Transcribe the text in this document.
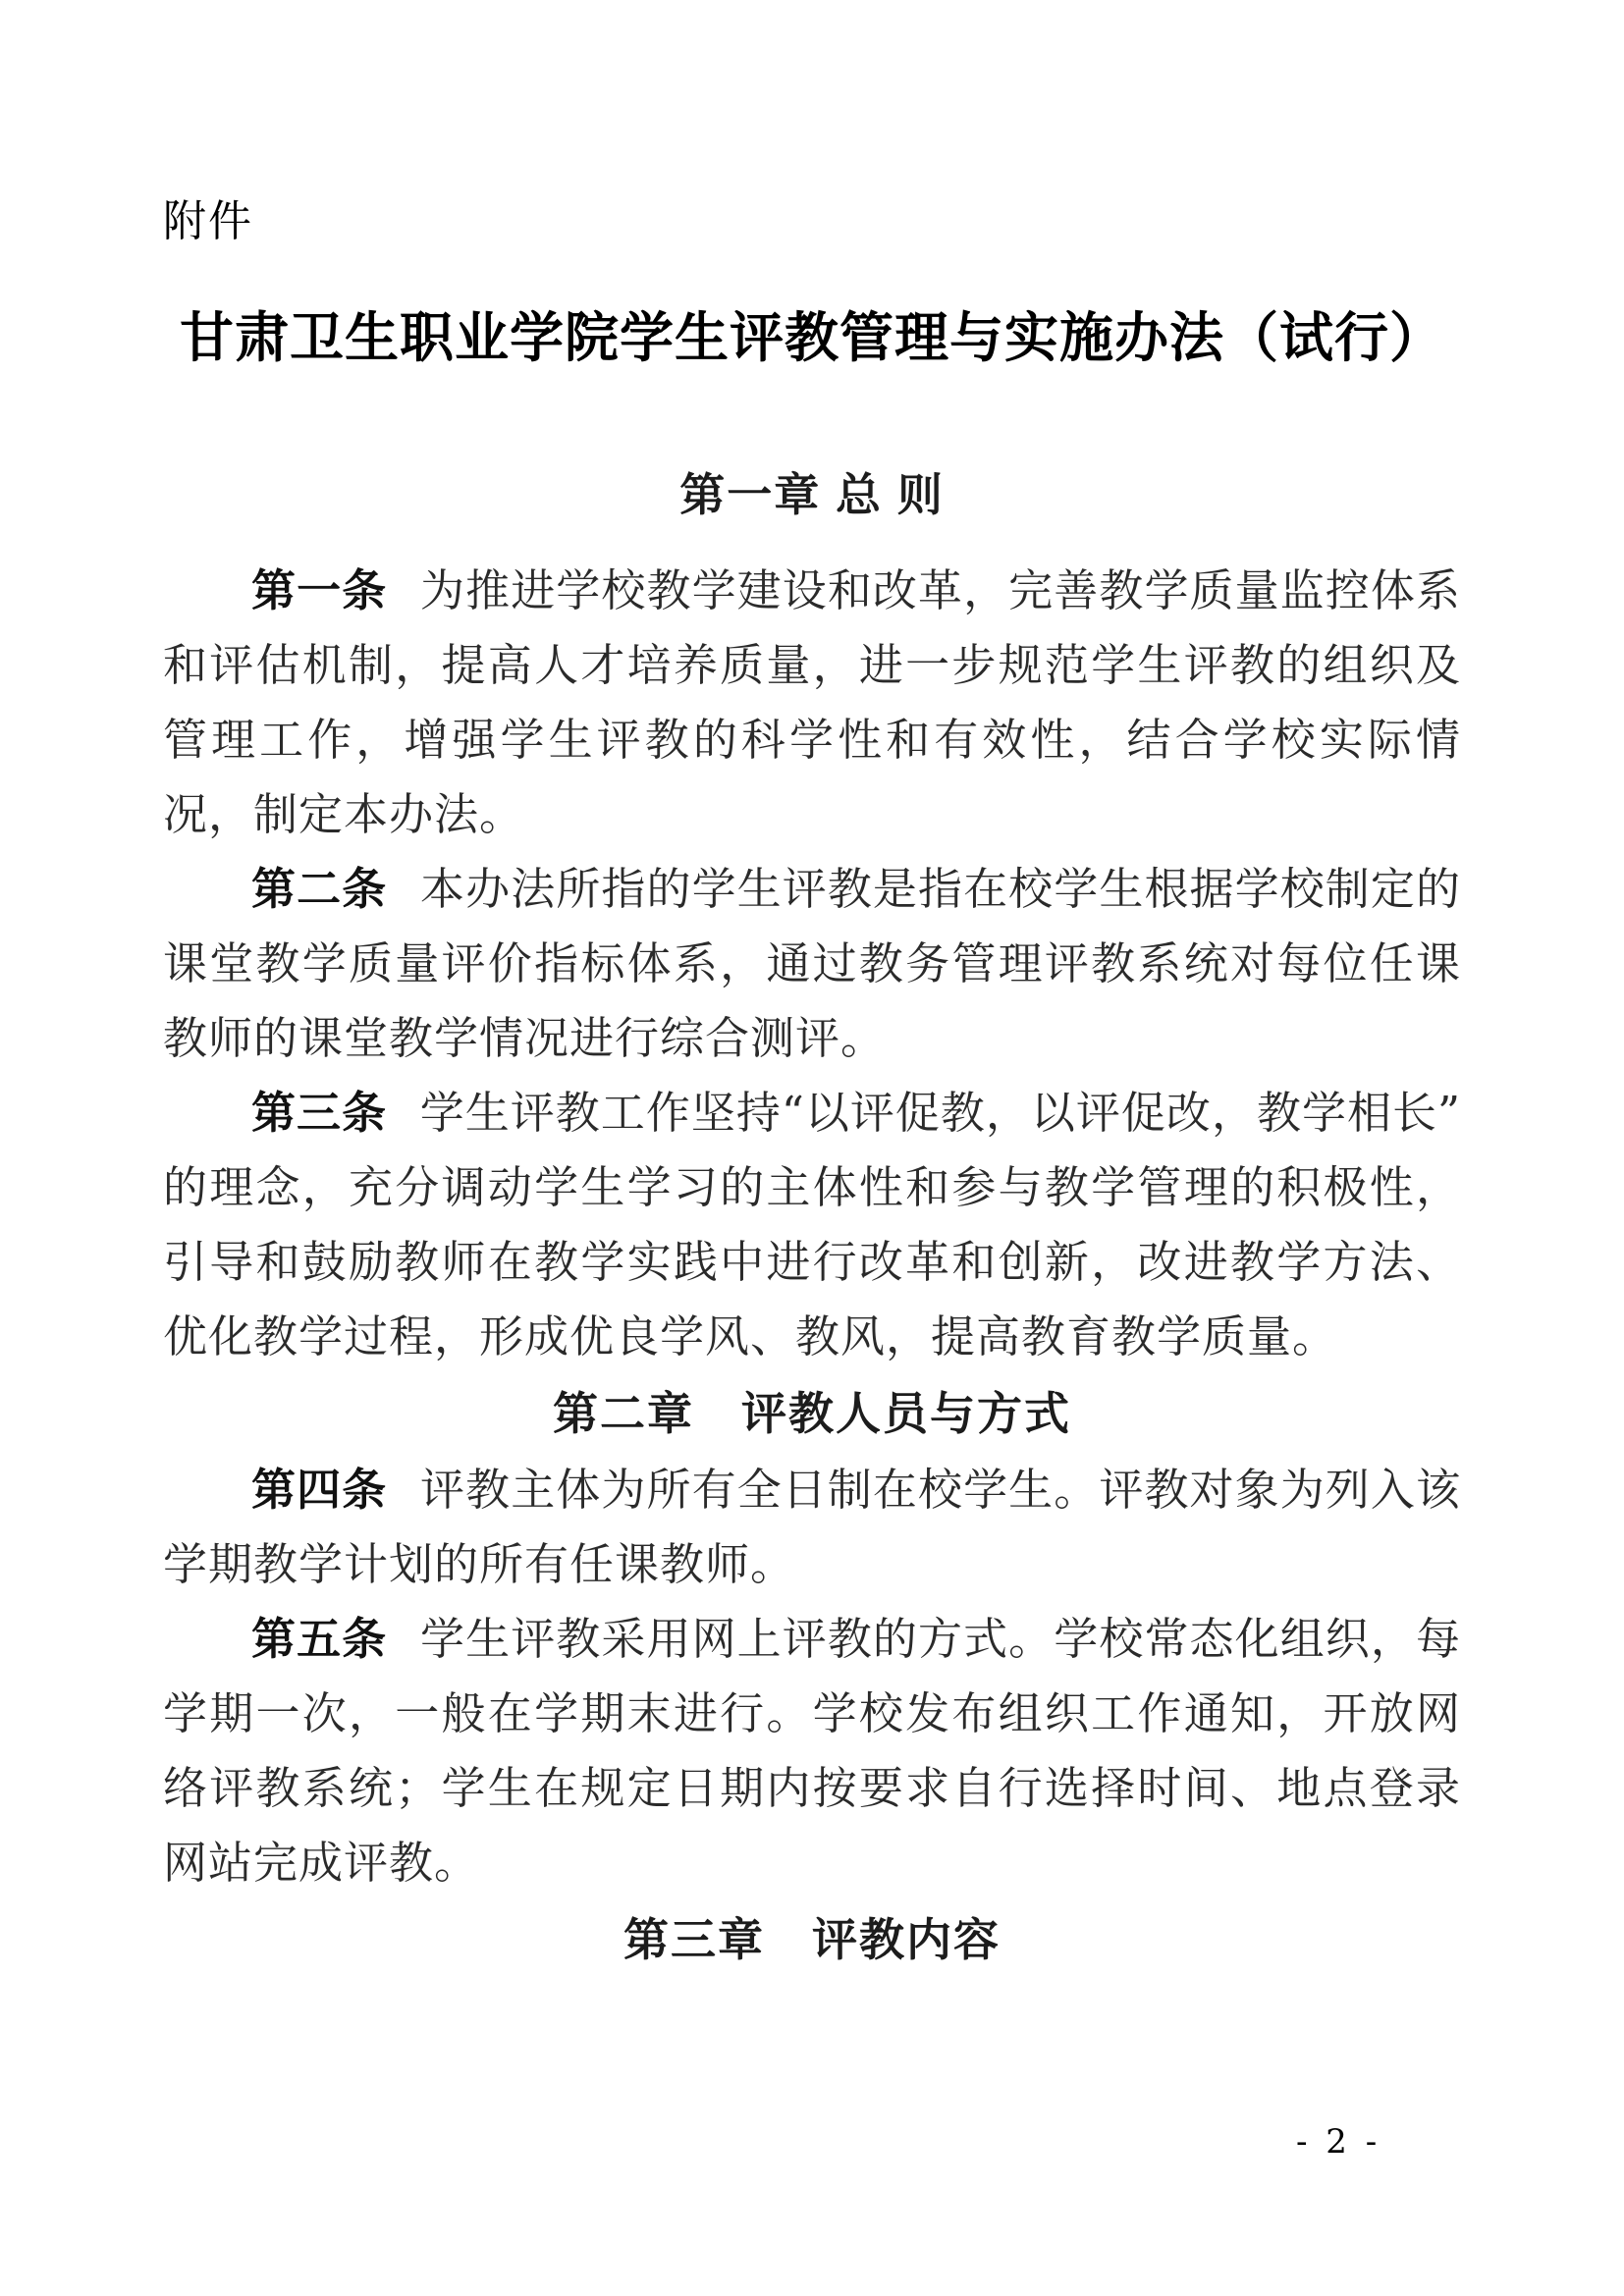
附件
甘肃卫生职业学院学生评教管理与实施办法（试行）
第一章 总 则

第一条 为推进学校教学建设和改革，完善教学质量监控体系和评估机制，提高人才培养质量，进一步规范学生评教的组织及管理工作，增强学生评教的科学性和有效性，结合学校实际情况，制定本办法。

第二条 本办法所指的学生评教是指在校学生根据学校制定的课堂教学质量评价指标体系，通过教务管理评教系统对每位任课教师的课堂教学情况进行综合测评。

第三条 学生评教工作坚持“以评促教，以评促改，教学相长”的理念，充分调动学生学习的主体性和参与教学管理的积极性，引导和鼓励教师在教学实践中进行改革和创新，改进教学方法、优化教学过程，形成优良学风、教风，提高教育教学质量。

第二章　评教人员与方式

第四条 评教主体为所有全日制在校学生。评教对象为列入该学期教学计划的所有任课教师。

第五条 学生评教采用网上评教的方式。学校常态化组织，每学期一次，一般在学期末进行。学校发布组织工作通知，开放网络评教系统；学生在规定日期内按要求自行选择时间、地点登录网站完成评教。

第三章　评教内容
- 2 -
